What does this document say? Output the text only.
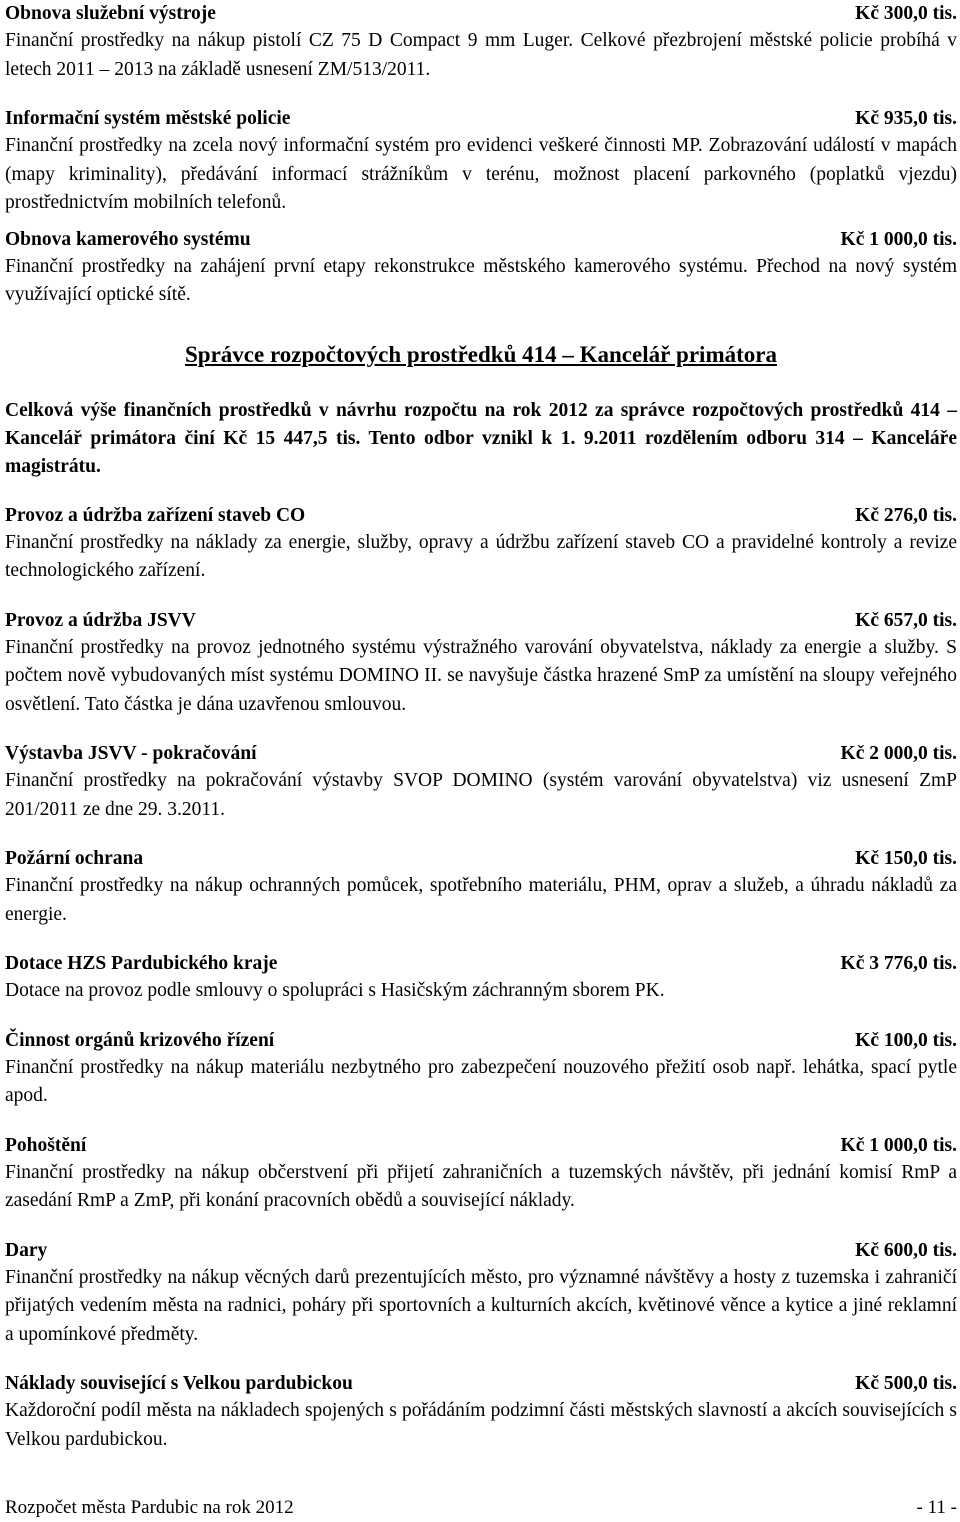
Obnova služební výstroje	Kč 300,0 tis.

Finanční prostředky na nákup pistolí CZ 75 D Compact 9 mm Luger. Celkové přezbrojení městské policie probíhá v letech 2011 – 2013 na základě usnesení ZM/513/2011.

Informační systém městské policie	Kč 935,0 tis.

Finanční prostředky na zcela nový informační systém pro evidenci veškeré činnosti MP. Zobrazování událostí v mapách (mapy kriminality), předávání informací strážníkům v terénu, možnost placení parkovného (poplatků vjezdu) prostřednictvím mobilních telefonů.

Obnova kamerového systému	Kč 1 000,0 tis.

Finanční prostředky na zahájení první etapy rekonstrukce městského kamerového systému. Přechod na nový systém využívající optické sítě.

Správce rozpočtových prostředků 414 – Kancelář primátora

Celková výše finančních prostředků v návrhu rozpočtu na rok 2012 za správce rozpočtových prostředků 414 – Kancelář primátora činí Kč 15 447,5 tis. Tento odbor vznikl k 1. 9.2011 rozdělením odboru 314 – Kanceláře magistrátu.

Provoz a údržba zařízení staveb CO	Kč 276,0 tis.

Finanční prostředky na náklady za energie, služby, opravy a údržbu zařízení staveb CO a pravidelné kontroly a revize technologického zařízení.

Provoz a údržba JSVV	Kč 657,0 tis.

Finanční prostředky na provoz jednotného systému výstražného varování obyvatelstva, náklady za energie a služby. S počtem nově vybudovaných míst systému DOMINO II. se navyšuje částka hrazené SmP za umístění na sloupy veřejného osvětlení. Tato částka je dána uzavřenou smlouvou.

Výstavba JSVV - pokračování	Kč 2 000,0 tis.

Finanční prostředky na pokračování výstavby SVOP DOMINO (systém varování obyvatelstva) viz usnesení ZmP 201/2011 ze dne 29. 3.2011.

Požární ochrana	Kč 150,0 tis.

Finanční prostředky na nákup ochranných pomůcek, spotřebního materiálu, PHM, oprav a služeb, a úhradu nákladů za energie.

Dotace HZS Pardubického kraje	Kč 3 776,0 tis.

Dotace na provoz podle smlouvy o spolupráci s Hasičským záchranným sborem PK.

Činnost orgánů krizového řízení	Kč 100,0 tis.

Finanční prostředky na nákup materiálu nezbytného pro zabezpečení nouzového přežití osob např. lehátka, spací pytle apod.

Pohoštění	Kč 1 000,0 tis.

Finanční prostředky na nákup občerstvení při přijetí zahraničních a tuzemských návštěv, při jednání komisí RmP a zasedání RmP a ZmP, při konání pracovních obědů a související náklady.

Dary	Kč 600,0 tis.

Finanční prostředky na nákup věcných darů prezentujících město, pro významné návštěvy a hosty z tuzemska i zahraničí přijatých vedením města na radnici, poháry při sportovních a kulturních akcích, květinové věnce a kytice a jiné reklamní a upomínkové předměty.

Náklady související s Velkou pardubickou	Kč 500,0 tis.

Každoroční podíl města na nákladech spojených s pořádáním podzimní části městských slavností a akcích souvisejících s Velkou pardubickou.

Rozpočet města Pardubic na rok 2012	- 11 -
